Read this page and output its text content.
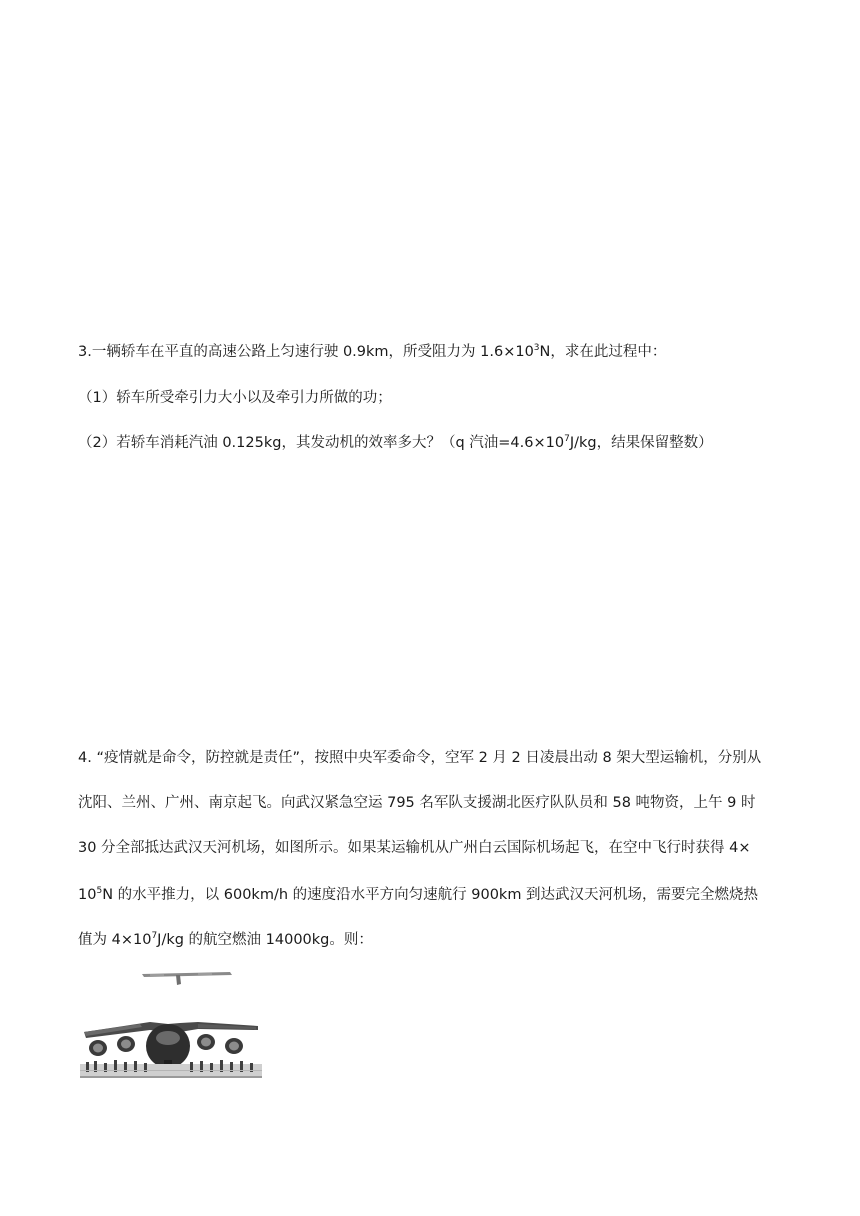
3.一辆轿车在平直的高速公路上匀速行驶 0.9km，所受阻力为 $1.6\times 10^3N$，求在此过程中：
（1）轿车所受牵引力大小以及牵引力所做的功；
（2）若轿车消耗汽油 0.125kg，其发动机的效率多大？（q 汽油$=4.6\times 10^7J/kg$，结果保留整数）
4. “疫情就是命令，防控就是责任”，按照中央军委命令，空军 2 月 2 日凌晨出动 8 架大型运输机，分别从
沈阳、兰州、广州、南京起飞。向武汉紧急空运 795 名军队支援湖北医疗队队员和 58 吨物资，上午 9 时
30 分全部抵达武汉天河机场，如图所示。如果某运输机从广州白云国际机场起飞，在空中飞行时获得 4×
$10^5N$ 的水平推力，以 600km/h 的速度沿水平方向匀速航行 900km 到达武汉天河机场，需要完全燃烧热
值为 $4\times 10^7J/kg$ 的航空燃油 14000kg。则：
